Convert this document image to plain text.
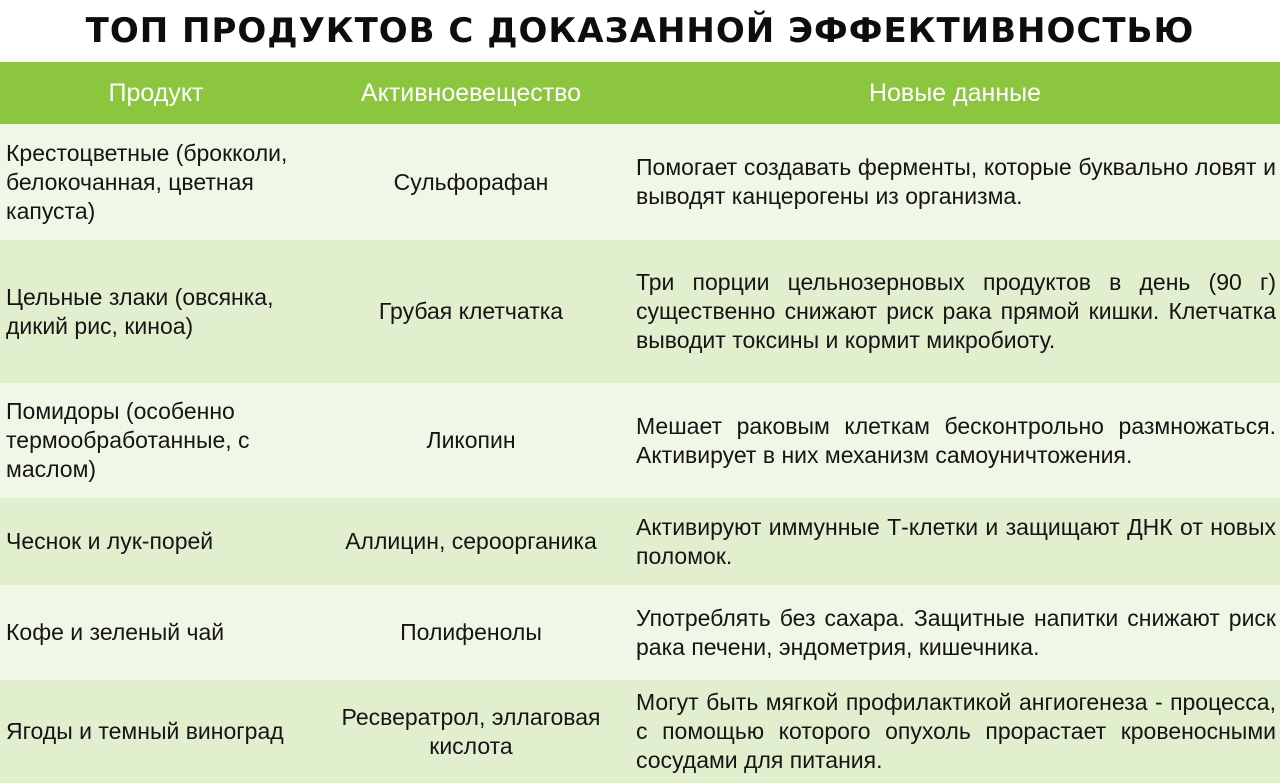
ТОП ПРОДУКТОВ С ДОКАЗАННОЙ ЭФФЕКТИВНОСТЬЮ
Продукт	Активноевещество	Новые данные
Крестоцветные (брокколи, белокочанная, цветная капуста)	Сульфорафан	Помогает создавать ферменты, которые буквально ловят и выводят канцерогены из организма.
Цельные злаки (овсянка, дикий рис, киноа)	Грубая клетчатка	Три порции цельнозерновых продуктов в день (90 г) существенно снижают риск рака прямой кишки. Клетчатка выводит токсины и кормит микробиоту.
Помидоры (особенно термообработанные, с маслом)	Ликопин	Мешает раковым клеткам бесконтрольно размножаться. Активирует в них механизм самоуничтожения.
Чеснок и лук-порей	Аллицин, сероорганика	Активируют иммунные Т-клетки и защищают ДНК от новых поломок.
Кофе и зеленый чай	Полифенолы	Употреблять без сахара. Защитные напитки снижают риск рака печени, эндометрия, кишечника.
Ягоды и темный виноград	Ресвератрол, эллаговая кислота	Могут быть мягкой профилактикой ангиогенеза - процесса, с помощью которого опухоль прорастает кровеносными сосудами для питания.
